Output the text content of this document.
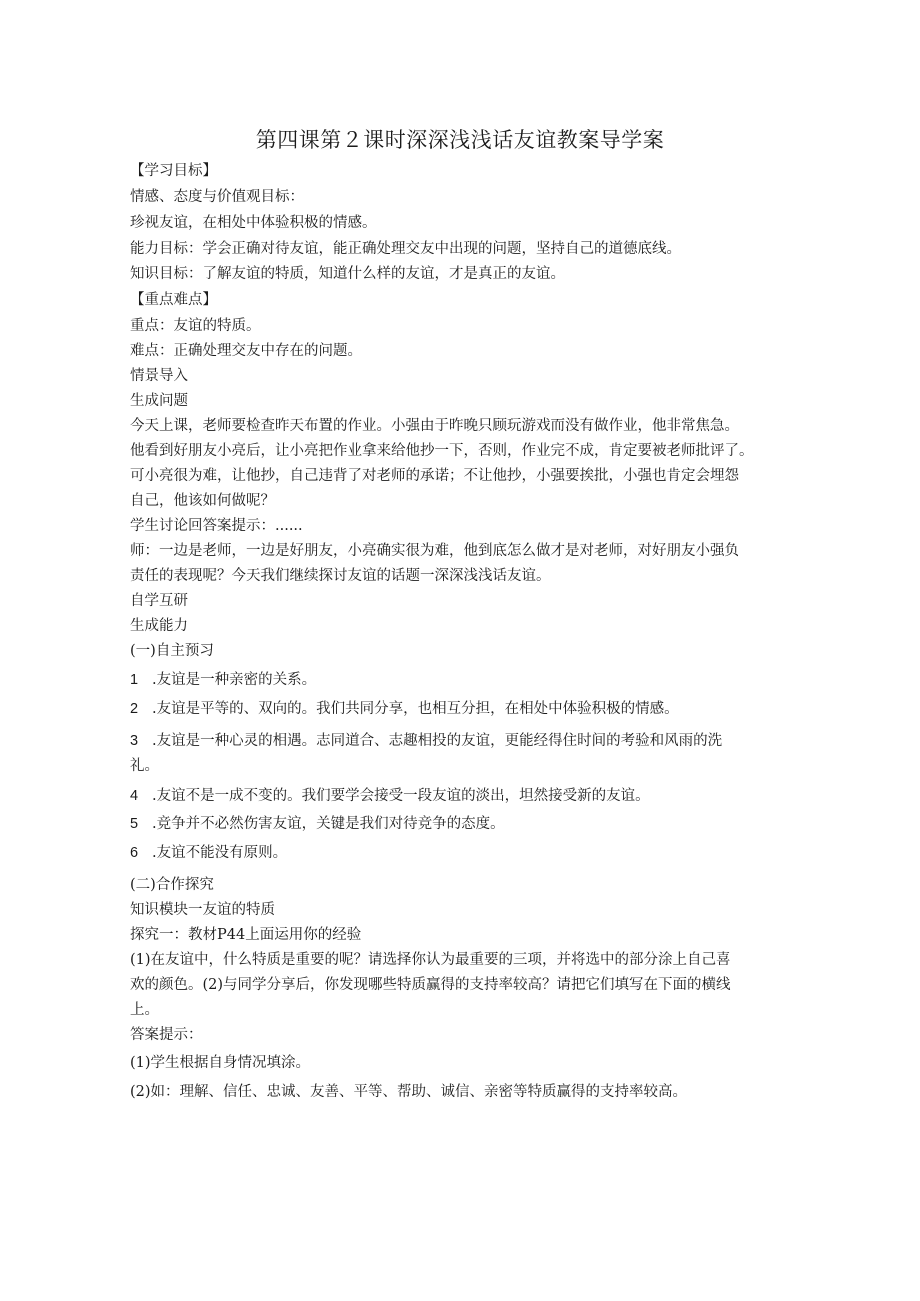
第四课第２课时深深浅浅话友谊教案导学案

【学习目标】

情感、态度与价值观目标：

珍视友谊，在相处中体验积极的情感。

能力目标：学会正确对待友谊，能正确处理交友中出现的问题，坚持自己的道德底线。

知识目标：了解友谊的特质，知道什么样的友谊，才是真正的友谊。

【重点难点】

重点：友谊的特质。

难点：正确处理交友中存在的问题。

情景导入

生成问题

今天上课，老师要检查昨天布置的作业。小强由于昨晚只顾玩游戏而没有做作业，他非常焦急。

他看到好朋友小亮后，让小亮把作业拿来给他抄一下，否则，作业完不成，肯定要被老师批评了。

可小亮很为难，让他抄，自己违背了对老师的承诺；不让他抄，小强要挨批，小强也肯定会埋怨

自己，他该如何做呢？

学生讨论回答案提示：......

师：一边是老师，一边是好朋友，小亮确实很为难，他到底怎么做才是对老师，对好朋友小强负

责任的表现呢？今天我们继续探讨友谊的话题一深深浅浅话友谊。

自学互研

生成能力

(一)自主预习

1 .友谊是一种亲密的关系。

2 .友谊是平等的、双向的。我们共同分享，也相互分担，在相处中体验积极的情感。

3 .友谊是一种心灵的相遇。志同道合、志趣相投的友谊，更能经得住时间的考验和风雨的洗

礼。

4 .友谊不是一成不变的。我们要学会接受一段友谊的淡出，坦然接受新的友谊。

5 .竞争并不必然伤害友谊，关键是我们对待竞争的态度。

6 .友谊不能没有原则。

(二)合作探究

知识模块一友谊的特质

探究一：教材P44上面运用你的经验

(1)在友谊中，什么特质是重要的呢？请选择你认为最重要的三项，并将选中的部分涂上自己喜

欢的颜色。(2)与同学分享后，你发现哪些特质赢得的支持率较高？请把它们填写在下面的横线

上。

答案提示：

(1)学生根据自身情况填涂。

(2)如：理解、信任、忠诚、友善、平等、帮助、诚信、亲密等特质赢得的支持率较高。
